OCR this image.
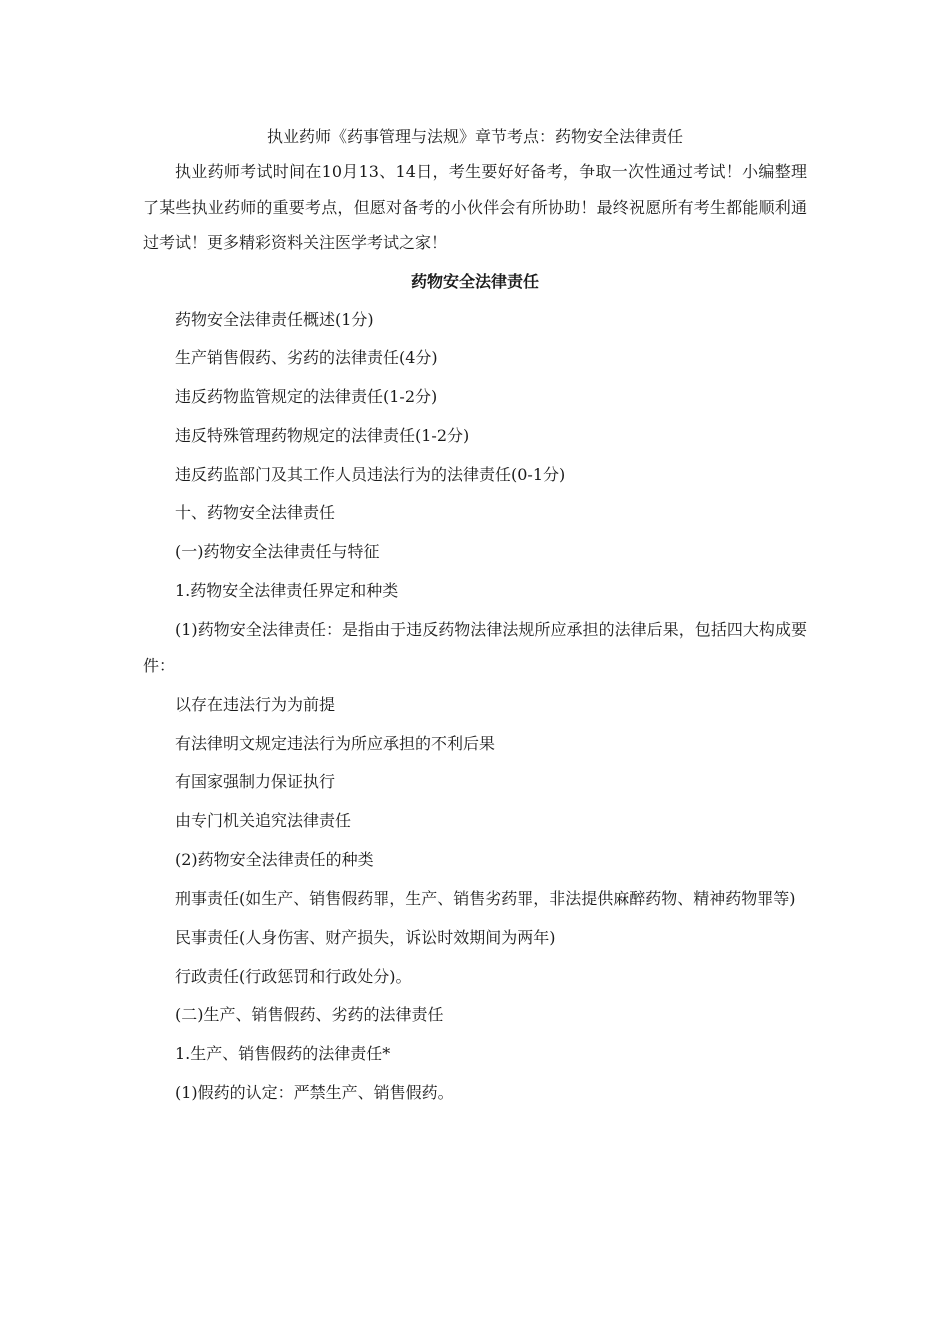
执业药师《药事管理与法规》章节考点：药物安全法律责任

执业药师考试时间在10月13、14日，考生要好好备考，争取一次性通过考试！小编整理了某些执业药师的重要考点，但愿对备考的小伙伴会有所协助！最终祝愿所有考生都能顺利通过考试！更多精彩资料关注医学考试之家！

药物安全法律责任

药物安全法律责任概述(1分)

生产销售假药、劣药的法律责任(4分)

违反药物监管规定的法律责任(1-2分)

违反特殊管理药物规定的法律责任(1-2分)

违反药监部门及其工作人员违法行为的法律责任(0-1分)

十、药物安全法律责任

(一)药物安全法律责任与特征

1.药物安全法律责任界定和种类

(1)药物安全法律责任：是指由于违反药物法律法规所应承担的法律后果，包括四大构成要件：

以存在违法行为为前提

有法律明文规定违法行为所应承担的不利后果

有国家强制力保证执行

由专门机关追究法律责任

(2)药物安全法律责任的种类

刑事责任(如生产、销售假药罪，生产、销售劣药罪，非法提供麻醉药物、精神药物罪等)

民事责任(人身伤害、财产损失，诉讼时效期间为两年)

行政责任(行政惩罚和行政处分)。

(二)生产、销售假药、劣药的法律责任

1.生产、销售假药的法律责任*

(1)假药的认定：严禁生产、销售假药。
